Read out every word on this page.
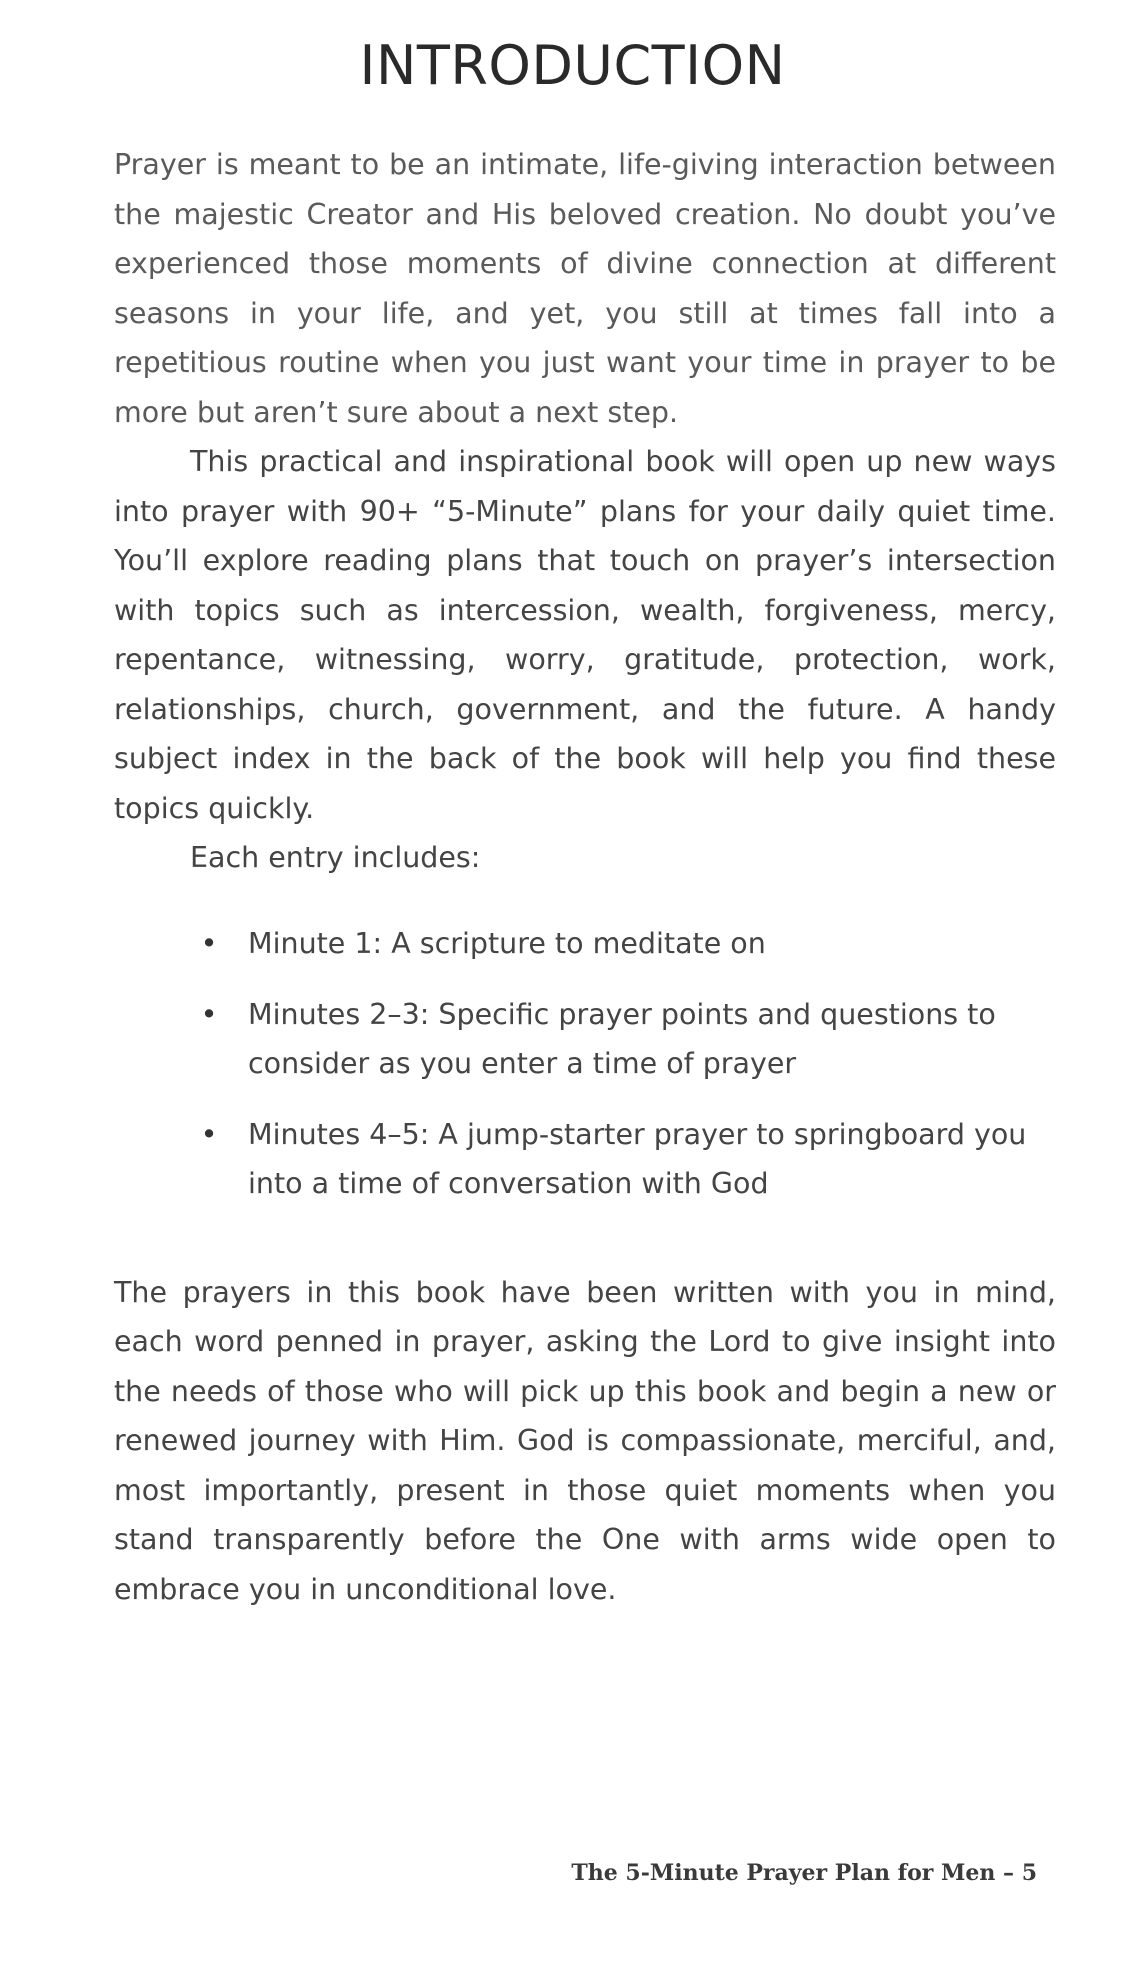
INTRODUCTION

Prayer is meant to be an intimate, life-giving interaction between the majestic Creator and His beloved creation. No doubt you’ve experienced those moments of divine connection at different seasons in your life, and yet, you still at times fall into a repetitious routine when you just want your time in prayer to be more but aren’t sure about a next step.

This practical and inspirational book will open up new ways into prayer with 90+ “5-Minute” plans for your daily quiet time. You’ll explore reading plans that touch on prayer’s intersection with topics such as intercession, wealth, forgiveness, mercy, repentance, witnessing, worry, gratitude, protection, work, relationships, church, government, and the future. A handy subject index in the back of the book will help you find these topics quickly.

Each entry includes:

• Minute 1: A scripture to meditate on
• Minutes 2–3: Specific prayer points and questions to consider as you enter a time of prayer
• Minutes 4–5: A jump-starter prayer to springboard you into a time of conversation with God

The prayers in this book have been written with you in mind, each word penned in prayer, asking the Lord to give insight into the needs of those who will pick up this book and begin a new or renewed journey with Him. God is compassionate, merciful, and, most importantly, present in those quiet moments when you stand transparently before the One with arms wide open to embrace you in unconditional love.

The 5-Minute Prayer Plan for Men – 5
